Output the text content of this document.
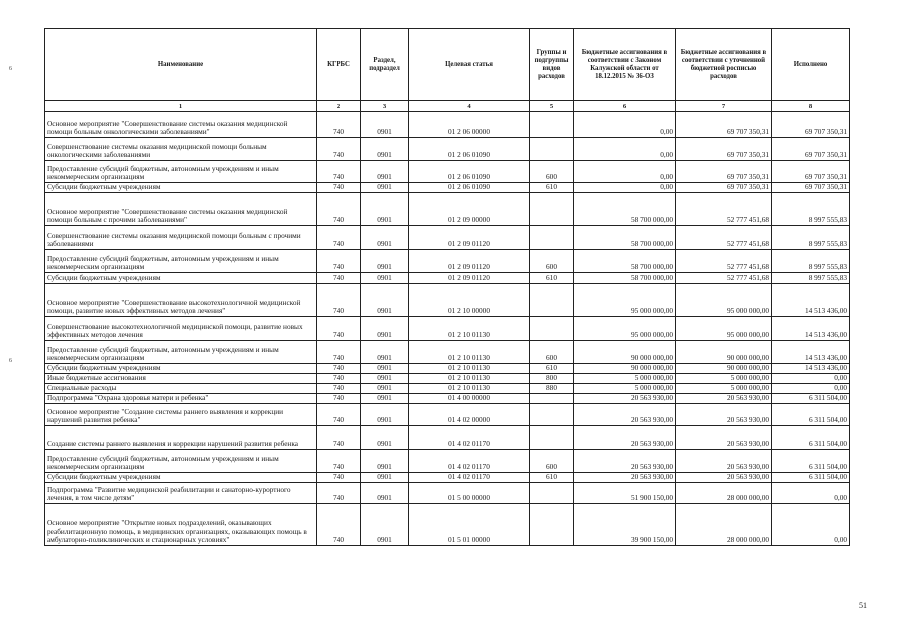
6
6
Наименование	КГРБС	Раздел, подраздел	Целевая статья	Группы и подгруппы видов расходов	Бюджетные ассигнования в соответствии с Законом Калужской области от 18.12.2015 № 36-ОЗ	Бюджетные ассигнования в соответствии с уточненной бюджетной росписью расходов	Исполнено
1	2	3	4	5	6	7	8
Основное мероприятие "Совершенствование системы оказания медицинской помощи больным онкологическими заболеваниями"	740	0901	01 2 06 00000		0,00	69 707 350,31	69 707 350,31
Совершенствование системы оказания медицинской помощи больным онкологическими заболеваниями	740	0901	01 2 06 01090		0,00	69 707 350,31	69 707 350,31
Предоставление субсидий бюджетным, автономным учреждениям и иным некоммерческим организациям	740	0901	01 2 06 01090	600	0,00	69 707 350,31	69 707 350,31
Субсидии бюджетным учреждениям	740	0901	01 2 06 01090	610	0,00	69 707 350,31	69 707 350,31
Основное мероприятие "Совершенствование системы оказания медицинской помощи больным с прочими заболеваниями"	740	0901	01 2 09 00000		58 700 000,00	52 777 451,68	8 997 555,83
Совершенствование системы оказания медицинской помощи больным с прочими заболеваниями	740	0901	01 2 09 01120		58 700 000,00	52 777 451,68	8 997 555,83
Предоставление субсидий бюджетным, автономным учреждениям и иным некоммерческим организациям	740	0901	01 2 09 01120	600	58 700 000,00	52 777 451,68	8 997 555,83
Субсидии бюджетным учреждениям	740	0901	01 2 09 01120	610	58 700 000,00	52 777 451,68	8 997 555,83
Основное мероприятие "Совершенствование высокотехнологичной медицинской помощи, развитие новых эффективных методов лечения"	740	0901	01 2 10 00000		95 000 000,00	95 000 000,00	14 513 436,00
Совершенствование высокотехнологичной медицинской помощи, развитие новых эффективных методов лечения	740	0901	01 2 10 01130		95 000 000,00	95 000 000,00	14 513 436,00
Предоставление субсидий бюджетным, автономным учреждениям и иным некоммерческим организациям	740	0901	01 2 10 01130	600	90 000 000,00	90 000 000,00	14 513 436,00
Субсидии бюджетным учреждениям	740	0901	01 2 10 01130	610	90 000 000,00	90 000 000,00	14 513 436,00
Иные бюджетные ассигнования	740	0901	01 2 10 01130	800	5 000 000,00	5 000 000,00	0,00
Специальные расходы	740	0901	01 2 10 01130	880	5 000 000,00	5 000 000,00	0,00
Подпрограмма "Охрана здоровья матери и ребенка"	740	0901	01 4 00 00000		20 563 930,00	20 563 930,00	6 311 504,00
Основное мероприятие "Создание системы раннего выявления и коррекции нарушений развития ребенка"	740	0901	01 4 02 00000		20 563 930,00	20 563 930,00	6 311 504,00
Создание системы раннего выявления и коррекции нарушений развития ребенка	740	0901	01 4 02 01170		20 563 930,00	20 563 930,00	6 311 504,00
Предоставление субсидий бюджетным, автономным учреждениям и иным некоммерческим организациям	740	0901	01 4 02 01170	600	20 563 930,00	20 563 930,00	6 311 504,00
Субсидии бюджетным учреждениям	740	0901	01 4 02 01170	610	20 563 930,00	20 563 930,00	6 311 504,00
Подпрограмма "Развитие медицинской реабилитации и санаторно-курортного лечения, в том числе детям"	740	0901	01 5 00 00000		51 900 150,00	28 000 000,00	0,00
Основное мероприятие "Открытие новых подразделений, оказывающих реабилитационную помощь, в медицинских организациях, оказывающих помощь в амбулаторно-поликлинических и стационарных условиях"	740	0901	01 5 01 00000		39 900 150,00	28 000 000,00	0,00
51
